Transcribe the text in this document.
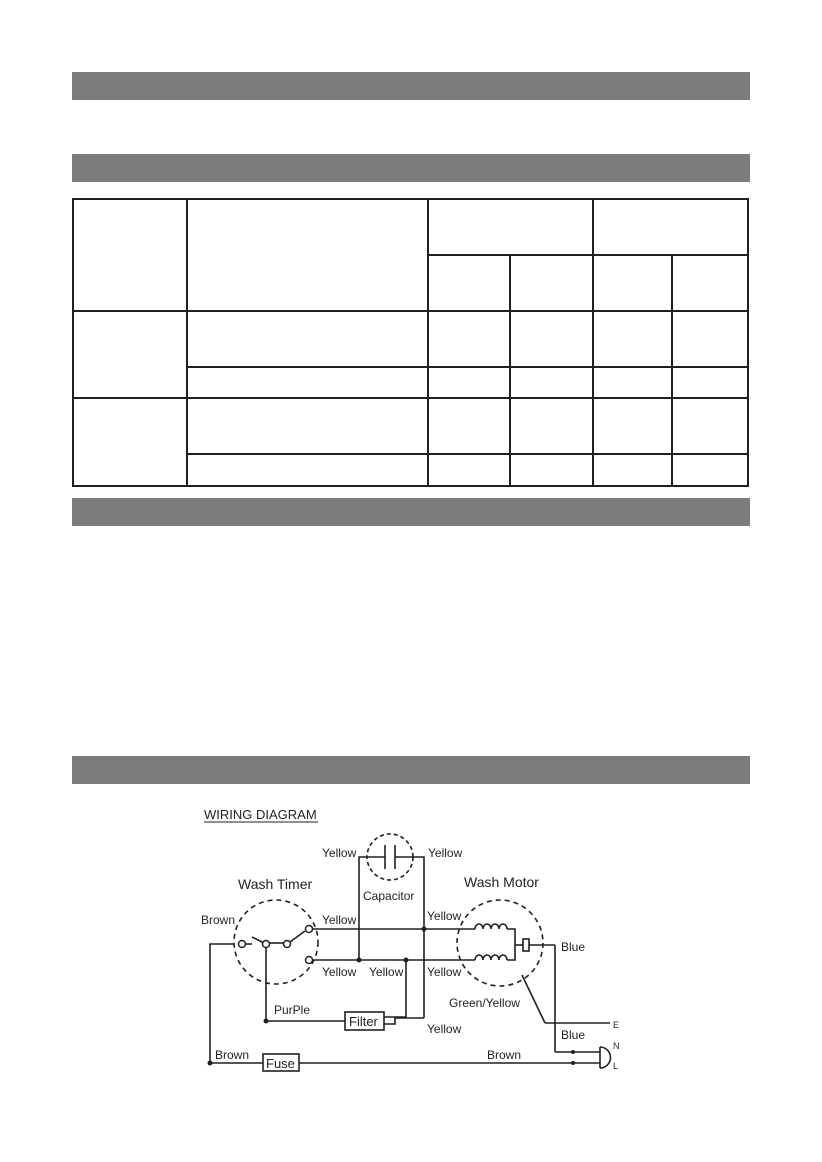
WIRING DIAGRAM
Wash Timer
Capacitor
Wash Motor
Filter
Fuse
Yellow	Yellow
Brown	Yellow	Yellow
Yellow Yellow Yellow
Blue
Green/Yellow
PurPle
Yellow	Blue
Brown	Brown
E
N
L
